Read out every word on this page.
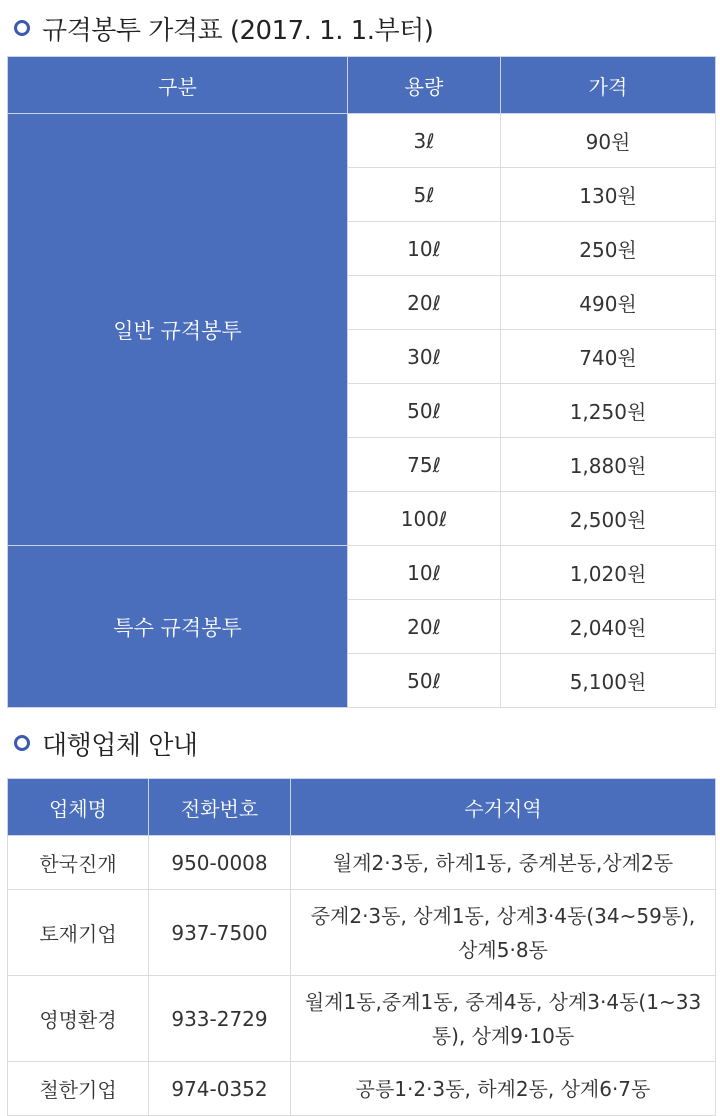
규격봉투 가격표 (2017. 1. 1.부터)
구분	용량	가격
일반 규격봉투	3ℓ	90원
	5ℓ	130원
	10ℓ	250원
	20ℓ	490원
	30ℓ	740원
	50ℓ	1,250원
	75ℓ	1,880원
	100ℓ	2,500원
특수 규격봉투	10ℓ	1,020원
	20ℓ	2,040원
	50ℓ	5,100원
대행업체 안내
업체명	전화번호	수거지역
한국진개	950-0008	월계2·3동, 하계1동, 중계본동,상계2동
토재기업	937-7500	중계2·3동, 상계1동, 상계3·4동(34~59통), 상계5·8동
영명환경	933-2729	월계1동,중계1동, 중계4동, 상계3·4동(1~33통), 상계9·10동
철한기업	974-0352	공릉1·2·3동, 하계2동, 상계6·7동
